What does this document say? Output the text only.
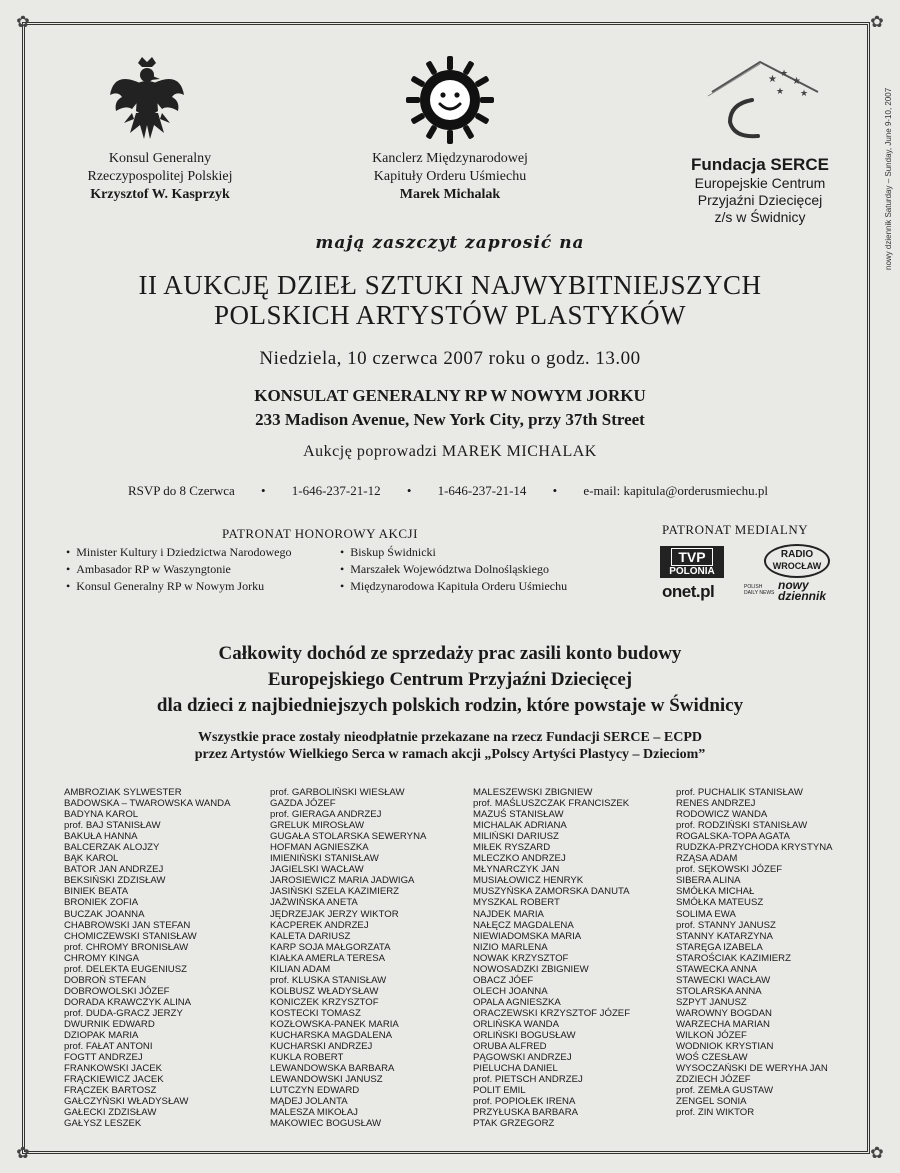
✿	✿
✿	✿
nowy dziennik Saturday – Sunday, June 9-10, 2007
★ ★
★
★ ★
Konsul Generalny
Rzeczypospolitej Polskiej
Krzysztof W. Kasprzyk
Kanclerz Międzynarodowej
Kapituły Orderu Uśmiechu
Marek Michalak
Fundacja SERCE
Europejskie Centrum
Przyjaźni Dziecięcej
z/s w Świdnicy
mają zaszczyt zaprosić na
II AUKCJĘ DZIEŁ SZTUKI NAJWYBITNIEJSZYCH
POLSKICH ARTYSTÓW PLASTYKÓW
Niedziela, 10 czerwca 2007 roku o godz. 13.00
KONSULAT GENERALNY RP W NOWYM JORKU
233 Madison Avenue, New York City, przy 37th Street
Aukcję poprowadzi MAREK MICHALAK
RSVP do 8 Czerwca • 1-646-237-21-12 • 1-646-237-21-14 • e-mail: kapitula@orderusmiechu.pl
PATRONAT HONOROWY AKCJI
• Minister Kultury i Dziedzictwa Narodowego
• Ambasador RP w Waszyngtonie
• Konsul Generalny RP w Nowym Jorku
• Biskup Świdnicki
• Marszałek Województwa Dolnośląskiego
• Międzynarodowa Kapituła Orderu Uśmiechu
PATRONAT MEDIALNY
TVP
POLONIA
RADIO
WROCŁAW
onet.pl	POLISH DAILY NEWS
nowy dziennik
Całkowity dochód ze sprzedaży prac zasili konto budowy
Europejskiego Centrum Przyjaźni Dziecięcej
dla dzieci z najbiedniejszych polskich rodzin, które powstaje w Świdnicy
Wszystkie prace zostały nieodpłatnie przekazane na rzecz Fundacji SERCE – ECPD
przez Artystów Wielkiego Serca w ramach akcji „Polscy Artyści Plastycy – Dzieciom”
AMBROZIAK SYLWESTER
BADOWSKA – TWAROWSKA WANDA
BADYNA KAROL
prof. BAJ STANISŁAW
BAKUŁA HANNA
BALCERZAK ALOJZY
BĄK KAROL
BATOR JAN ANDRZEJ
BEKSIŃSKI ZDZISŁAW
BINIEK BEATA
BRONIEK ZOFIA
BUCZAK JOANNA
CHABROWSKI JAN STEFAN
CHOMICZEWSKI STANISŁAW
prof. CHROMY BRONISŁAW
CHROMY KINGA
prof. DELEKTA EUGENIUSZ
DOBROŃ STEFAN
DOBROWOLSKI JÓZEF
DORADA KRAWCZYK ALINA
prof. DUDA-GRACZ JERZY
DWURNIK EDWARD
DZIOPAK MARIA
prof. FAŁAT ANTONI
FOGTT ANDRZEJ
FRANKOWSKI JACEK
FRĄCKIEWICZ JACEK
FRĄCZEK BARTOSZ
GAŁCZYŃSKI WŁADYSŁAW
GAŁECKI ZDZISŁAW
GAŁYSZ LESZEK
prof. GARBOLIŃSKI WIESŁAW
GAZDA JÓZEF
prof. GIERAGA ANDRZEJ
GRELUK MIROSŁAW
GUGAŁA STOLARSKA SEWERYNA
HOFMAN AGNIESZKA
IMIENIŃSKI STANISŁAW
JAGIELSKI WACŁAW
JAROSIEWICZ MARIA JADWIGA
JASIŃSKI SZELA KAZIMIERZ
JAŻWIŃSKA ANETA
JĘDRZEJAK JERZY WIKTOR
KACPEREK ANDRZEJ
KALETA DARIUSZ
KARP SOJA MAŁGORZATA
KIAŁKA AMERLA TERESA
KILIAN ADAM
prof. KLUSKA STANISŁAW
KOLBUSZ WŁADYSŁAW
KONICZEK KRZYSZTOF
KOSTECKI TOMASZ
KOZŁOWSKA-PANEK MARIA
KUCHARSKA MAGDALENA
KUCHARSKI ANDRZEJ
KUKLA ROBERT
LEWANDOWSKA BARBARA
LEWANDOWSKI JANUSZ
LUTCZYN EDWARD
MĄDEJ JOLANTA
MALESZA MIKOŁAJ
MAKOWIEC BOGUSŁAW
MALESZEWSKI ZBIGNIEW
prof. MAŚLUSZCZAK FRANCISZEK
MAZUŚ STANISŁAW
MICHALAK ADRIANA
MILIŃSKI DARIUSZ
MIŁEK RYSZARD
MLECZKO ANDRZEJ
MŁYNARCZYK JAN
MUSIAŁOWICZ HENRYK
MUSZYŃSKA ZAMORSKA DANUTA
MYSZKAL ROBERT
NAJDEK MARIA
NAŁĘCZ MAGDALENA
NIEWIADOMSKA MARIA
NIZIO MARLENA
NOWAK KRZYSZTOF
NOWOSADZKI ZBIGNIEW
OBACZ JÓEF
OLECH JOANNA
OPALA AGNIESZKA
ORACZEWSKI KRZYSZTOF JÓZEF
ORLIŃSKA WANDA
ORLIŃSKI BOGUSŁAW
ORUBA ALFRED
PĄGOWSKI ANDRZEJ
PIELUCHA DANIEL
prof. PIETSCH ANDRZEJ
POLIT EMIL
prof. POPIOŁEK IRENA
PRZYŁUSKA BARBARA
PTAK GRZEGORZ
prof. PUCHALIK STANISŁAW
RENES ANDRZEJ
RODOWICZ WANDA
prof. RODZIŃSKI STANISŁAW
ROGALSKA-TOPA AGATA
RUDZKA-PRZYCHODA KRYSTYNA
RZĄSA ADAM
prof. SĘKOWSKI JÓZEF
SIBERA ALINA
SMÓŁKA MICHAŁ
SMÓŁKA MATEUSZ
SOLIMA EWA
prof. STANNY JANUSZ
STANNY KATARZYNA
STARĘGA IZABELA
STAROŚCIAK KAZIMIERZ
STAWECKA ANNA
STAWECKI WACŁAW
STOLARSKA ANNA
SZPYT JANUSZ
WAROWNY BOGDAN
WARZECHA MARIAN
WILKOŃ JÓZEF
WODNIOK KRYSTIAN
WOŚ CZESŁAW
WYSOCZAŃSKI DE WERYHA JAN
ZDZIECH JÓZEF
prof. ZEMŁA GUSTAW
ZENGEL SONIA
prof. ZIN WIKTOR
